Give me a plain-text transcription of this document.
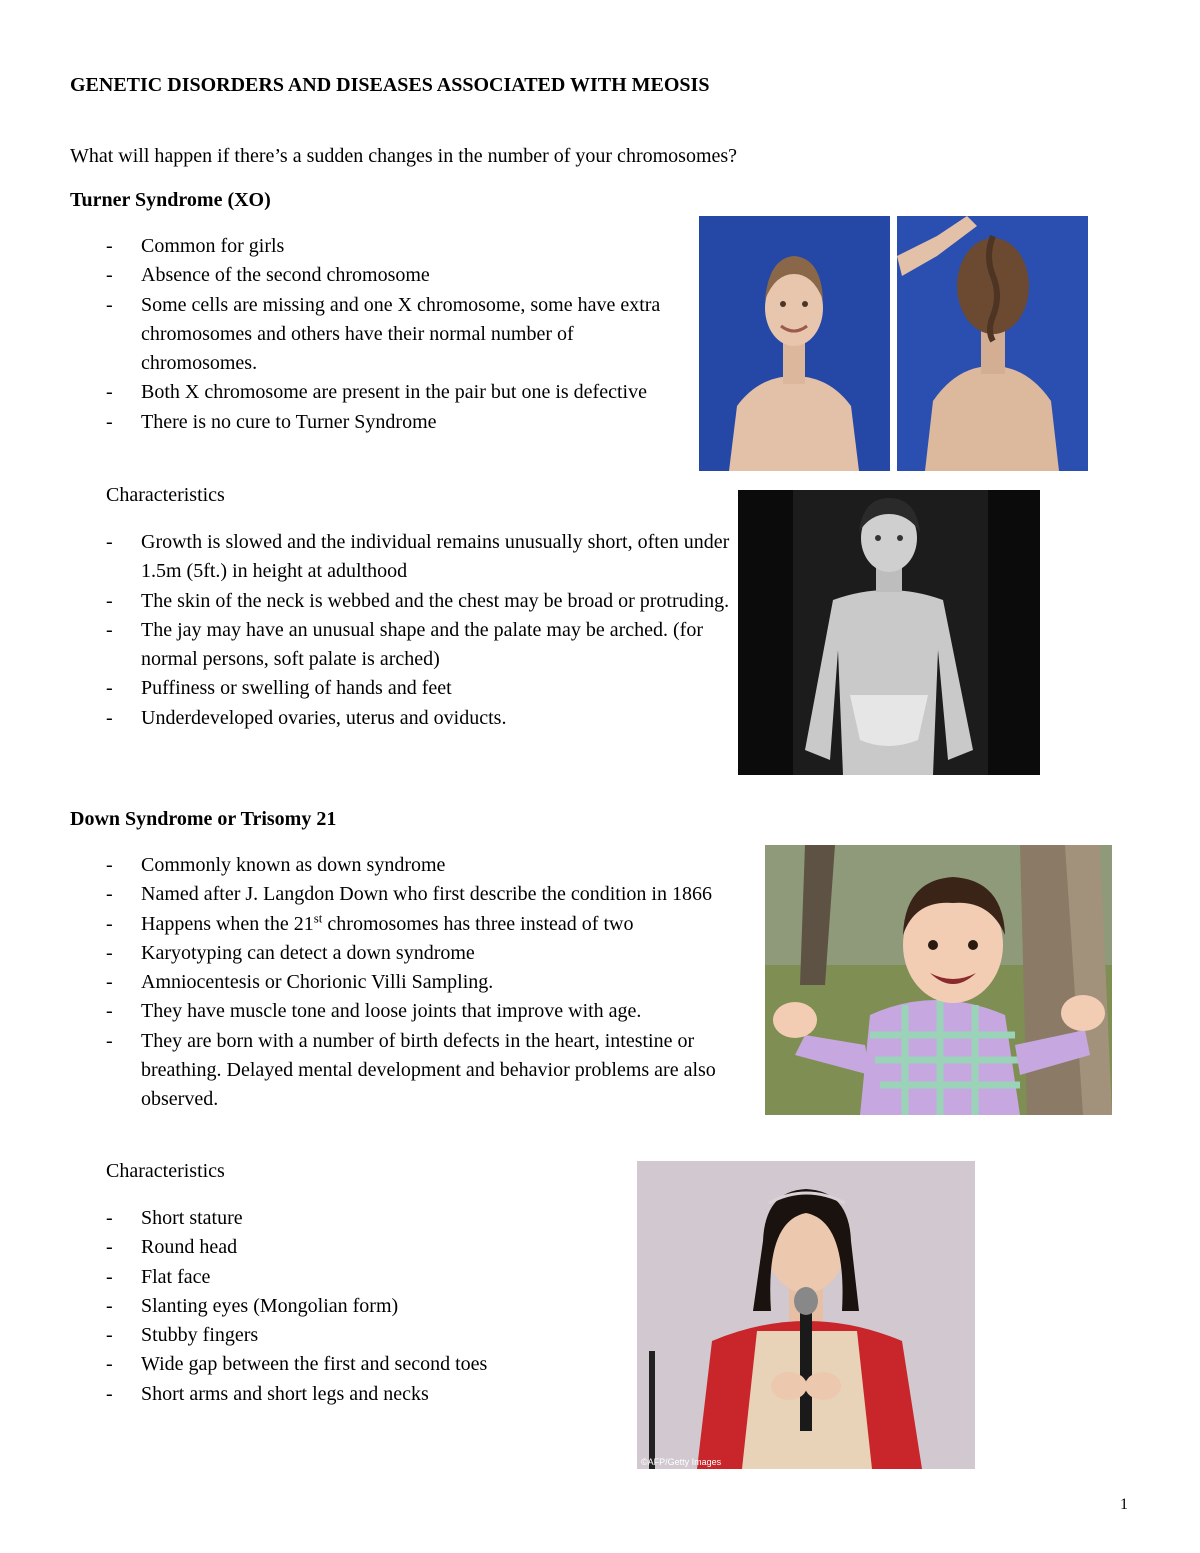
GENETIC DISORDERS AND DISEASES ASSOCIATED WITH MEOSIS
What will happen if there’s a sudden changes in the number of your chromosomes?
Turner Syndrome (XO)
- Common for girls
- Absence of the second chromosome
- Some cells are missing and one X chromosome, some have extra chromosomes and others have their normal number of chromosomes.
- Both X chromosome are present in the pair but one is defective
- There is no cure to Turner Syndrome
Characteristics
- Growth is slowed and the individual remains unusually short, often under 1.5m (5ft.) in height at adulthood
- The skin of the neck is webbed and the chest may be broad or protruding.
- The jay may have an unusual shape and the palate may be arched. (for normal persons, soft palate is arched)
- Puffiness or swelling of hands and feet
- Underdeveloped ovaries, uterus and oviducts.
Down Syndrome or Trisomy 21
- Commonly known as down syndrome
- Named after J. Langdon Down who first describe the condition in 1866
- Happens when the 21st chromosomes has three instead of two
- Karyotyping can detect a down syndrome
- Amniocentesis or Chorionic Villi Sampling.
- They have muscle tone and loose joints that improve with age.
- They are born with a number of birth defects in the heart, intestine or breathing. Delayed mental development and behavior problems are also observed.
Characteristics
- Short stature
- Round head
- Flat face
- Slanting eyes (Mongolian form)
- Stubby fingers
- Wide gap between the first and second toes
- Short arms and short legs and necks
©AFP/Getty Images
1
